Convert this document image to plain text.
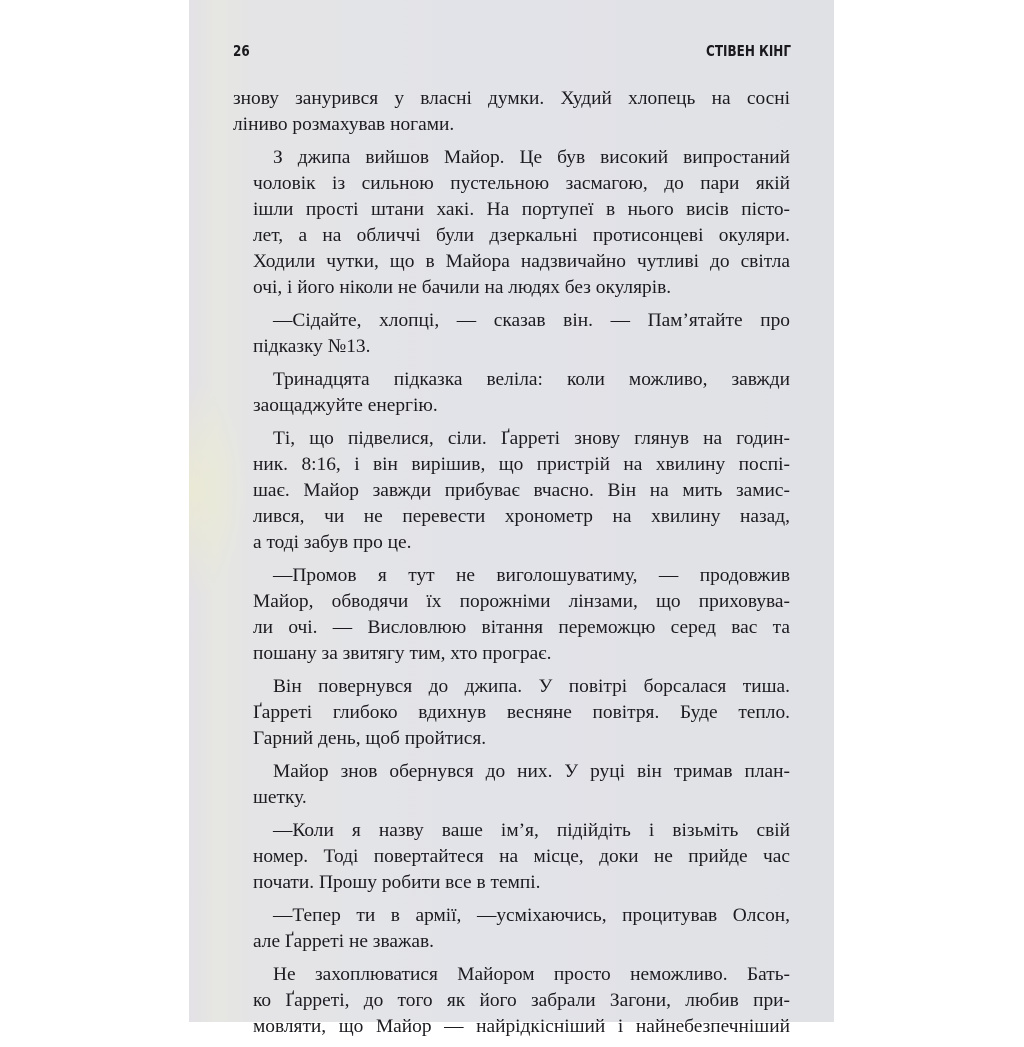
26	СТІВЕН КІНГ
знову занурився у власні думки. Худий хлопець на сосні
ліниво розмахував ногами.
З джипа вийшов Майор. Це був високий випростаний
чоловік із сильною пустельною засмагою, до пари якій
ішли прості штани хакі. На портупеї в нього висів пісто-
лет, а на обличчі були дзеркальні протисонцеві окуляри.
Ходили чутки, що в Майора надзвичайно чутливі до світла
очі, і його ніколи не бачили на людях без окулярів.
—Сідайте, хлопці, — сказав він. — Пам’ятайте про
підказку №13.
Тринадцята підказка веліла: коли можливо, завжди
заощаджуйте енергію.
Ті, що підвелися, сіли. Ґарреті знову глянув на годин-
ник. 8:16, і він вирішив, що пристрій на хвилину поспі-
шає. Майор завжди прибуває вчасно. Він на мить замис-
лився, чи не перевести хронометр на хвилину назад,
а тоді забув про це.
—Промов я тут не виголошуватиму, — продовжив
Майор, обводячи їх порожніми лінзами, що приховува-
ли очі. — Висловлюю вітання переможцю серед вас та
пошану за звитягу тим, хто програє.
Він повернувся до джипа. У повітрі борсалася тиша.
Ґарреті глибоко вдихнув весняне повітря. Буде тепло.
Гарний день, щоб пройтися.
Майор знов обернувся до них. У руці він тримав план-
шетку.
—Коли я назву ваше ім’я, підійдіть і візьміть свій
номер. Тоді повертайтеся на місце, доки не прийде час
почати. Прошу робити все в темпі.
—Тепер ти в армії, —усміхаючись, процитував Олсон,
але Ґарреті не зважав.
Не захоплюватися Майором просто неможливо. Бать-
ко Ґарреті, до того як його забрали Загони, любив при-
мовляти, що Майор — найрідкісніший і найнебезпечніший
